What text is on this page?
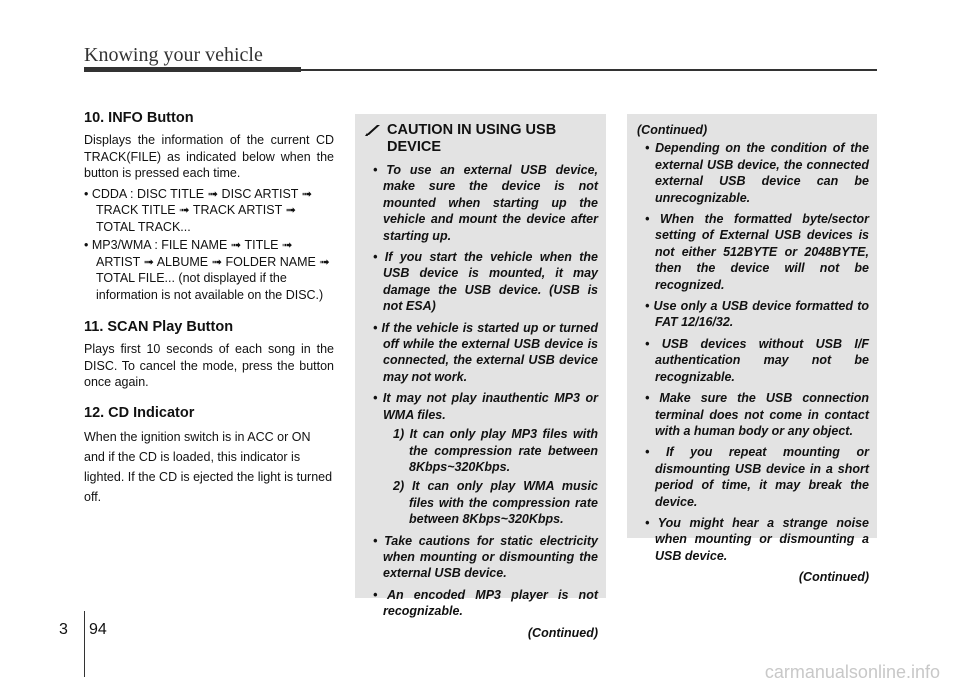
Knowing your vehicle
10. INFO Button

Displays the information of the current CD TRACK(FILE) as indicated below when the button is pressed each time.

• CDDA : DISC TITLE ➟ DISC ARTIST ➟ TRACK TITLE ➟ TRACK ARTIST ➟ TOTAL TRACK...
• MP3/WMA : FILE NAME ➟ TITLE ➟ ARTIST ➟ ALBUME ➟ FOLDER NAME ➟ TOTAL FILE... (not displayed if the information is not available on the DISC.)
11. SCAN Play Button

Plays first 10 seconds of each song in the DISC. To cancel the mode, press the button once again.

12. CD Indicator

When the ignition switch is in ACC or ON and if the CD is loaded, this indicator is lighted. If the CD is ejected the light is turned off.

CAUTION IN USING USB DEVICE
• To use an external USB device, make sure the device is not mounted when starting up the vehicle and mount the device after starting up.
• If you start the vehicle when the USB device is mounted, it may damage the USB device. (USB is not ESA)
• If the vehicle is started up or turned off while the external USB device is connected, the external USB device may not work.
• It may not play inauthentic MP3 or WMA files.
1) It can only play MP3 files with the compression rate between 8Kbps~320Kbps.
2) It can only play WMA music files with the compression rate between 8Kbps~320Kbps.
• Take cautions for static electricity when mounting or dismounting the external USB device.
• An encoded MP3 player is not recognizable.
(Continued)
(Continued)
• Depending on the condition of the external USB device, the connected external USB device can be unrecognizable.
• When the formatted byte/sector setting of External USB devices is not either 512BYTE or 2048BYTE, then the device will not be recognized.
• Use only a USB device formatted to FAT 12/16/32.
• USB devices without USB I/F authentication may not be recognizable.
• Make sure the USB connection terminal does not come in contact with a human body or any object.
• If you repeat mounting or dismounting USB device in a short period of time, it may break the device.
• You might hear a strange noise when mounting or dismounting a USB device.
(Continued)
3 94
carmanualsonline.info
